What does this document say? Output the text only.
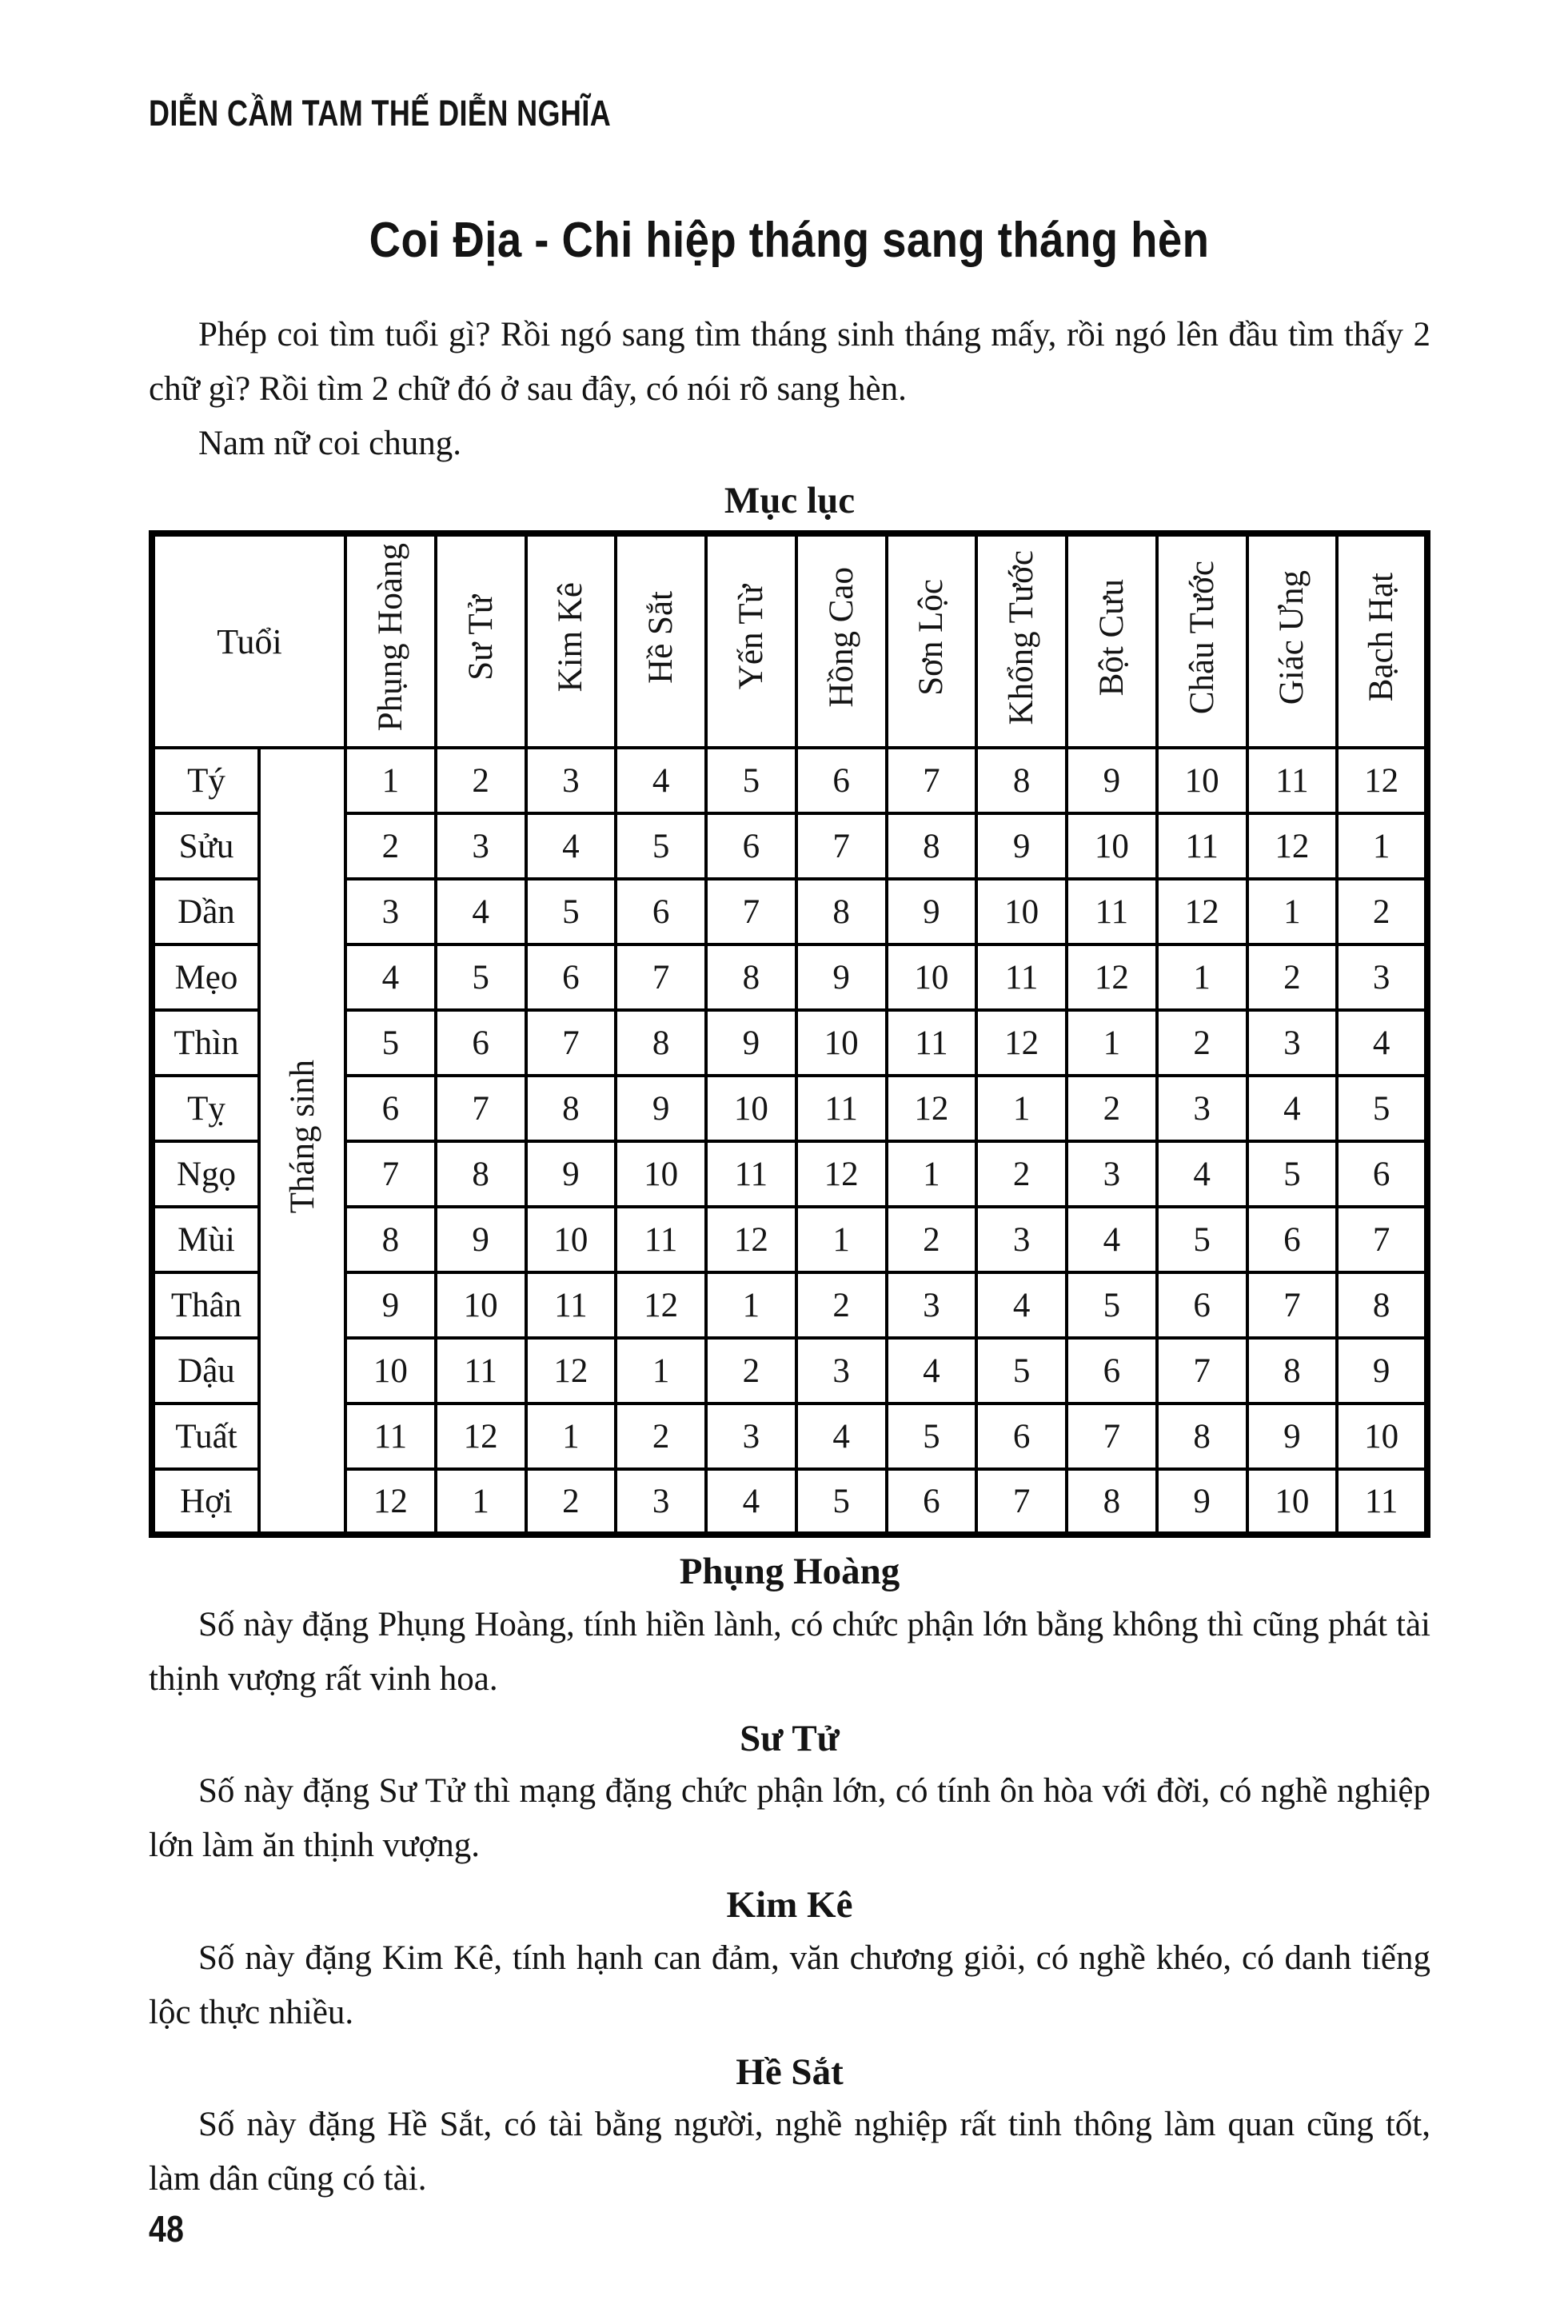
DIỄN CẦM TAM THẾ DIỄN NGHĨA
Coi Địa - Chi hiệp tháng sang tháng hèn

Phép coi tìm tuổi gì? Rồi ngó sang tìm tháng sinh tháng mấy, rồi ngó lên đầu tìm thấy 2 chữ gì? Rồi tìm 2 chữ đó ở sau đây, có nói rõ sang hèn.

Nam nữ coi chung.

Mục lục
Tuổi		Phụng Hoàng	Sư Tử	Kim Kê	Hề Sắt	Yến Từ	Hồng Cao	Sơn Lộc	Khổng Tước	Bột Cưu	Châu Tước	Giác Ưng	Bạch Hạt
Tý	Tháng sinh	1	2	3	4	5	6	7	8	9	10	11	12
Sửu		2	3	4	5	6	7	8	9	10	11	12	1
Dần		3	4	5	6	7	8	9	10	11	12	1	2
Mẹo		4	5	6	7	8	9	10	11	12	1	2	3
Thìn		5	6	7	8	9	10	11	12	1	2	3	4
Tỵ		6	7	8	9	10	11	12	1	2	3	4	5
Ngọ		7	8	9	10	11	12	1	2	3	4	5	6
Mùi		8	9	10	11	12	1	2	3	4	5	6	7
Thân		9	10	11	12	1	2	3	4	5	6	7	8
Dậu		10	11	12	1	2	3	4	5	6	7	8	9
Tuất		11	12	1	2	3	4	5	6	7	8	9	10
Hợi		12	1	2	3	4	5	6	7	8	9	10	11
Phụng Hoàng

Số này đặng Phụng Hoàng, tính hiền lành, có chức phận lớn bằng không thì cũng phát tài thịnh vượng rất vinh hoa.

Sư Tử

Số này đặng Sư Tử thì mạng đặng chức phận lớn, có tính ôn hòa với đời, có nghề nghiệp lớn làm ăn thịnh vượng.

Kim Kê

Số này đặng Kim Kê, tính hạnh can đảm, văn chương giỏi, có nghề khéo, có danh tiếng lộc thực nhiều.

Hề Sắt

Số này đặng Hề Sắt, có tài bằng người, nghề nghiệp rất tinh thông làm quan cũng tốt, làm dân cũng có tài.

48
